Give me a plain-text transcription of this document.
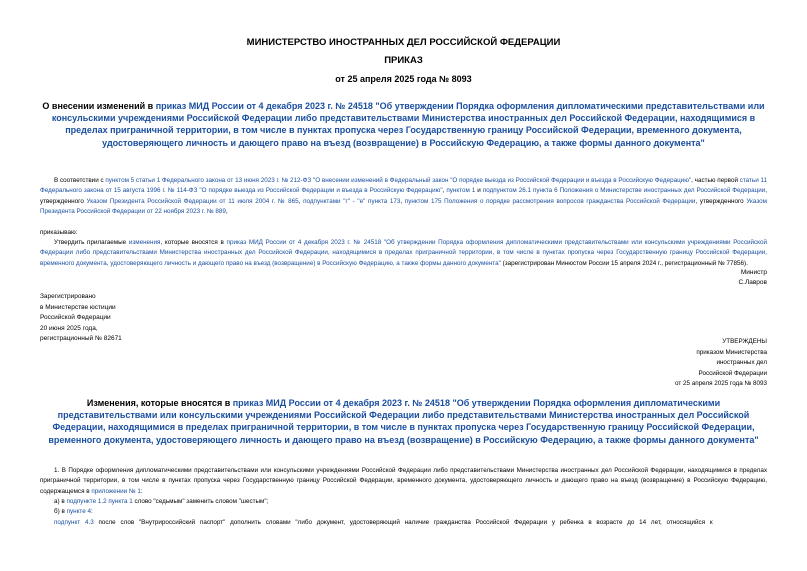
МИНИСТЕРСТВО ИНОСТРАННЫХ ДЕЛ РОССИЙСКОЙ ФЕДЕРАЦИИ
ПРИКАЗ
от 25 апреля 2025 года № 8093
О внесении изменений в приказ МИД России от 4 декабря 2023 г. № 24518 "Об утверждении Порядка оформления дипломатическими представительствами или консульскими учреждениями Российской Федерации либо представительствами Министерства иностранных дел Российской Федерации, находящимися в пределах приграничной территории, в том числе в пунктах пропуска через Государственную границу Российской Федерации, временного документа, удостоверяющего личность и дающего право на въезд (возвращение) в Российскую Федерацию, а также формы данного документа"
В соответствии с пунктом 5 статьи 1 Федерального закона от 13 июня 2023 г. № 212-ФЗ "О внесении изменений в Федеральный закон "О порядке выезда из Российской Федерации и въезда в Российскую Федерацию", частью первой статьи 11 Федерального закона от 15 августа 1996 г. № 114-ФЗ "О порядке выезда из Российской Федерации и въезда в Российскую Федерацию", пунктом 1 и подпунктом 26.1 пункта 6 Положения о Министерстве иностранных дел Российской Федерации, утвержденного Указом Президента Российской Федерации от 11 июля 2004 г. № 865, подпунктами "г" - "е" пункта 173, пунктом 175 Положения о порядке рассмотрения вопросов гражданства Российской Федерации, утвержденного Указом Президента Российской Федерации от 22 ноября 2023 г. № 889,
приказываю:
Утвердить прилагаемые изменения, которые вносятся в приказ МИД России от 4 декабря 2023 г. № 24518 "Об утверждении Порядка оформления дипломатическими представительствами или консульскими учреждениями Российской Федерации либо представительствами Министерства иностранных дел Российской Федерации, находящимися в пределах приграничной территории, в том числе в пунктах пропуска через Государственную границу Российской Федерации, временного документа, удостоверяющего личность и дающего право на въезд (возвращение) в Российскую Федерацию, а также формы данного документа" (зарегистрирован Минюстом России 15 апреля 2024 г., регистрационный № 77856).
Министр
С.Лавров
Зарегистрировано
в Министерстве юстиции
Российской Федерации
20 июня 2025 года,
регистрационный № 82671	УТВЕРЖДЕНЫ
приказом Министерства
иностранных дел
Российской Федерации
от 25 апреля 2025 года № 8093
Изменения, которые вносятся в приказ МИД России от 4 декабря 2023 г. № 24518 "Об утверждении Порядка оформления дипломатическими представительствами или консульскими учреждениями Российской Федерации либо представительствами Министерства иностранных дел Российской Федерации, находящимися в пределах приграничной территории, в том числе в пунктах пропуска через Государственную границу Российской Федерации, временного документа, удостоверяющего личность и дающего право на въезд (возвращение) в Российскую Федерацию, а также формы данного документа"
1. В Порядке оформления дипломатическими представительствами или консульскими учреждениями Российской Федерации либо представительствами Министерства иностранных дел Российской Федерации, находящимися в пределах приграничной территории, в том числе в пунктах пропуска через Государственную границу Российской Федерации, временного документа, удостоверяющего личность и дающего право на въезд (возвращение) в Российскую Федерацию, содержащемся в приложении № 1:
а) в подпункте 1.2 пункта 1 слово "седьмым" заменить словом "шестым";
б) в пункте 4:
подпункт 4.3 после слов "Внутрироссийский паспорт" дополнить словами "либо документ, удостоверяющий наличие гражданства Российской Федерации у ребенка в возрасте до 14 лет, относящийся к
